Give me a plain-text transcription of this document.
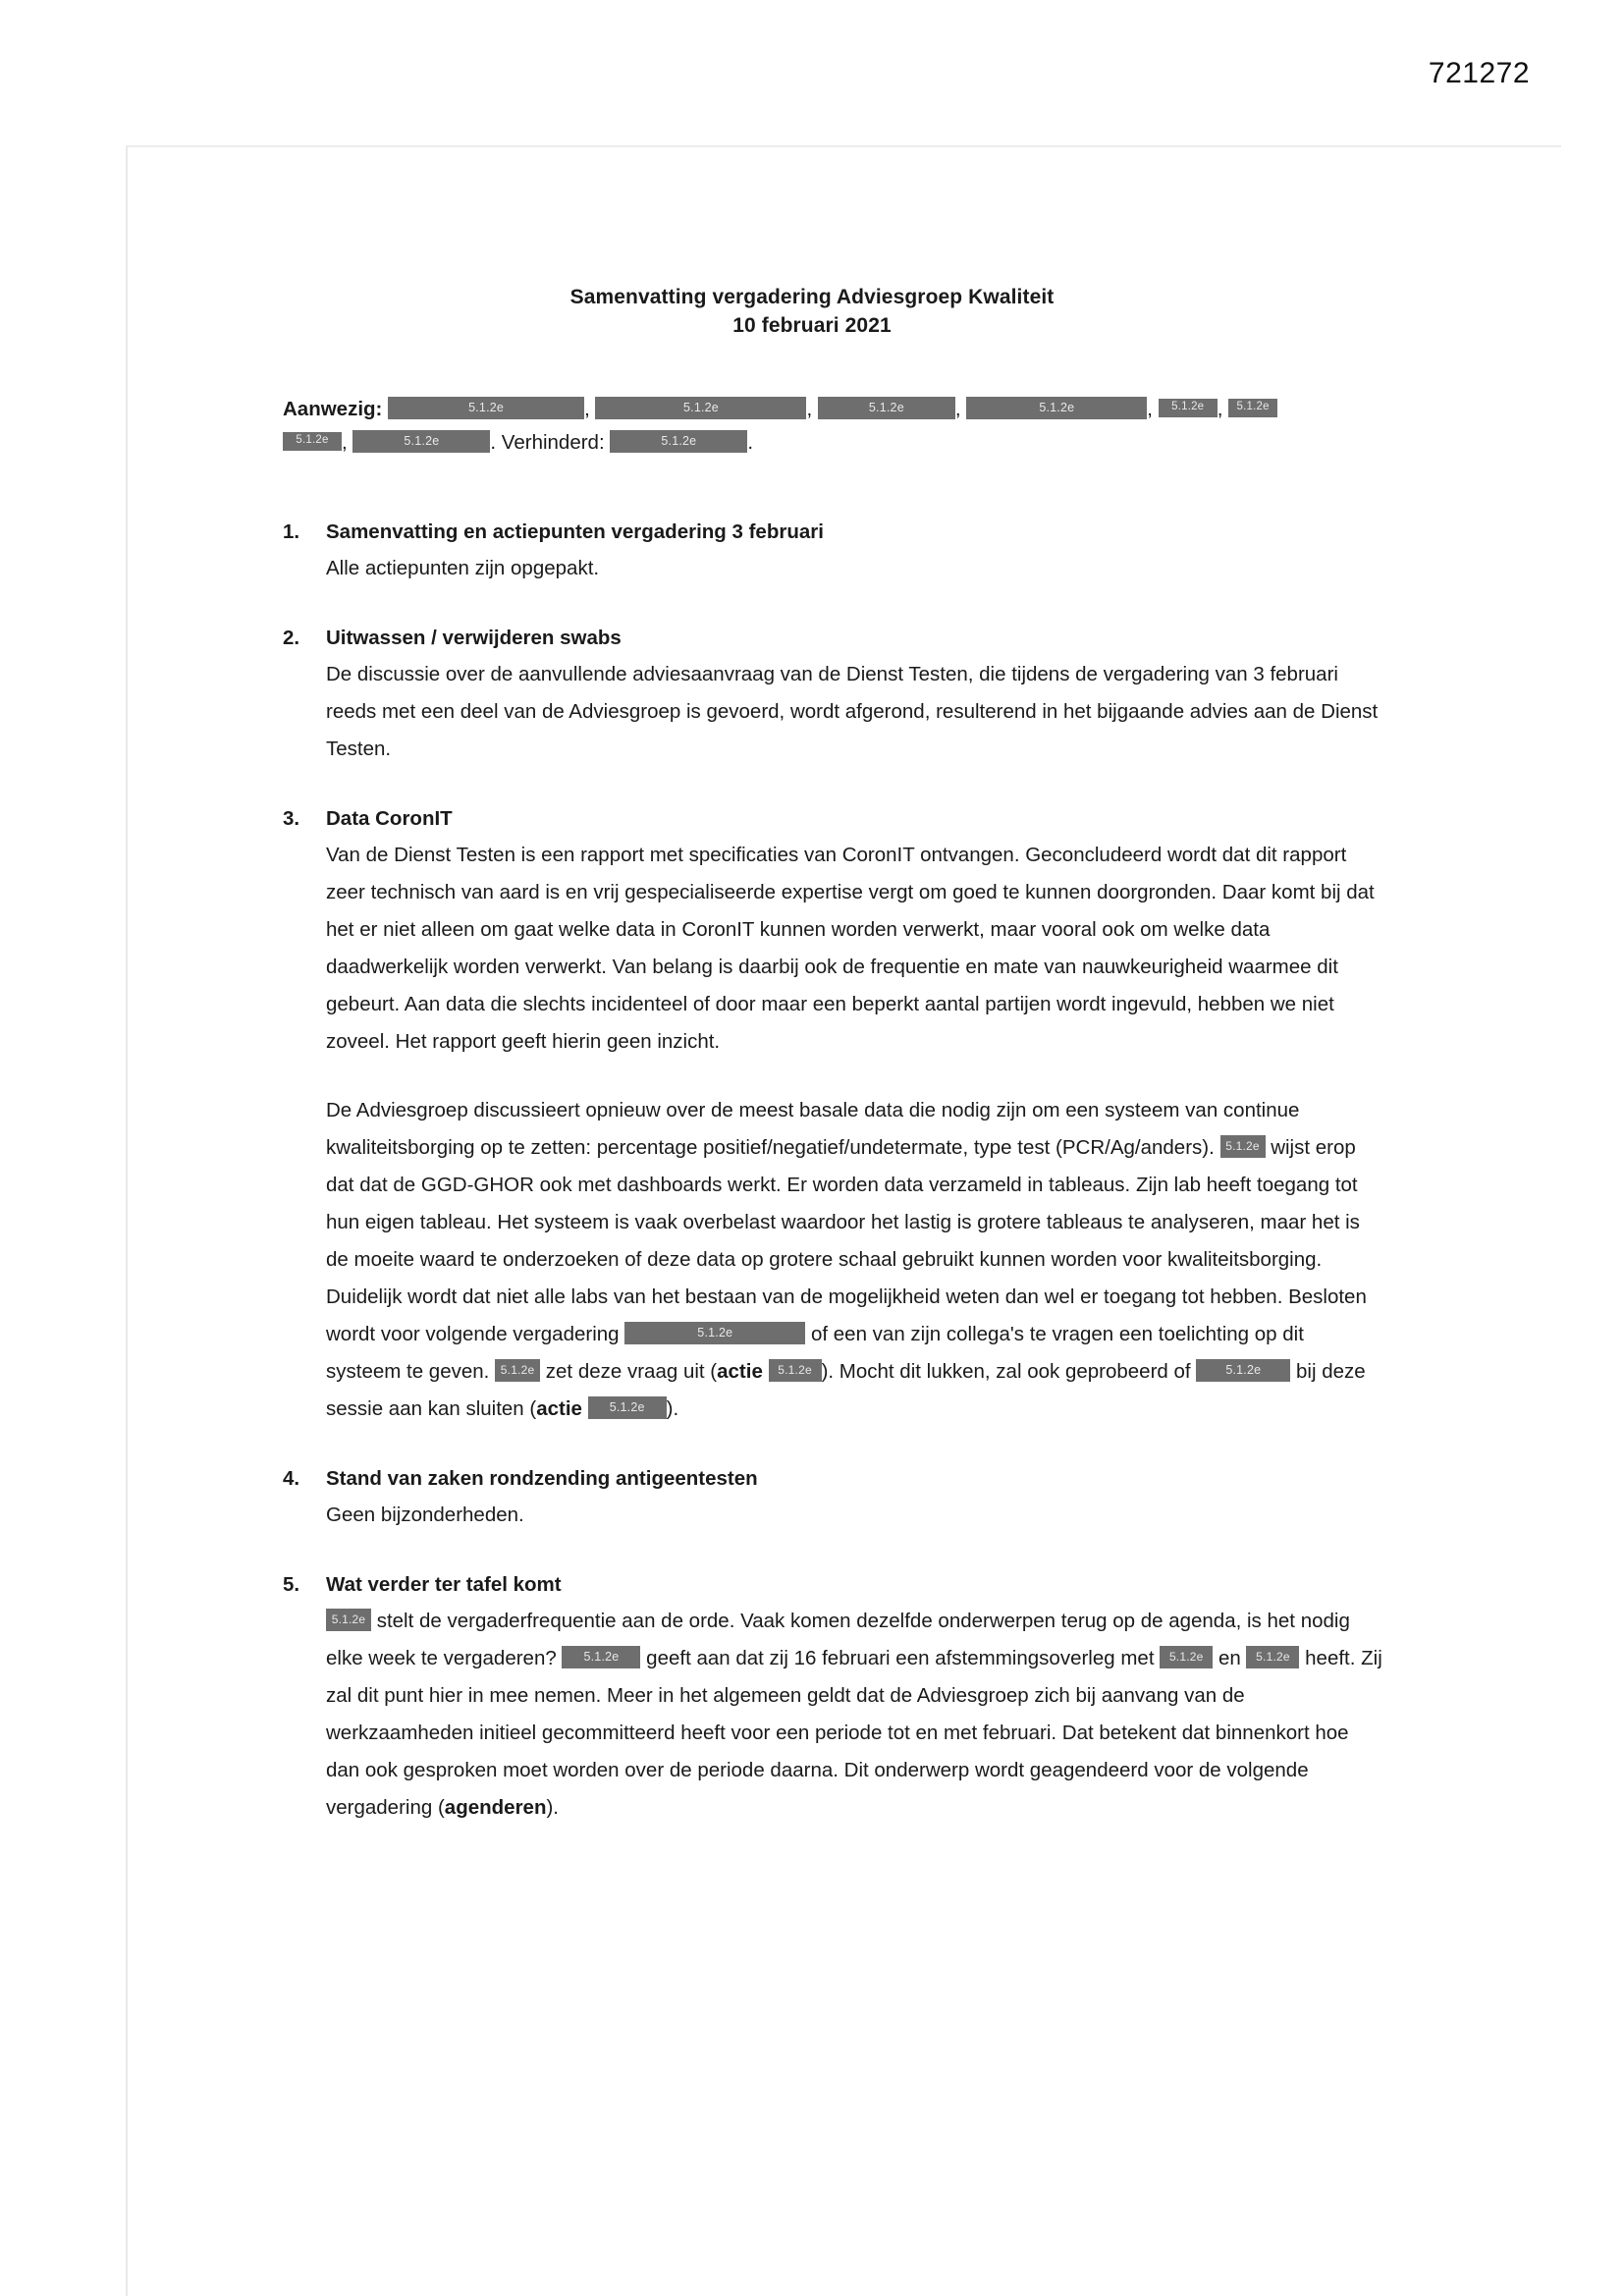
721272
Samenvatting vergadering Adviesgroep Kwaliteit
10 februari 2021
Aanwezig:	5.1.2e	,	5.1.2e	,	5.1.2e	,	5.1.2e	, 5.1.2e , 5.1.2e
5.1.2e ,	5.1.2e	. Verhinderd:	5.1.2e	.
1.	Samenvatting en actiepunten vergadering 3 februari

Alle actiepunten zijn opgepakt.

2.	Uitwassen / verwijderen swabs

De discussie over de aanvullende adviesaanvraag van de Dienst Testen, die tijdens de vergadering van 3 februari reeds met een deel van de Adviesgroep is gevoerd, wordt afgerond, resulterend in het bijgaande advies aan de Dienst Testen.

3.	Data CoronIT

Van de Dienst Testen is een rapport met specificaties van CoronIT ontvangen. Geconcludeerd wordt dat dit rapport zeer technisch van aard is en vrij gespecialiseerde expertise vergt om goed te kunnen doorgronden. Daar komt bij dat het er niet alleen om gaat welke data in CoronIT kunnen worden verwerkt, maar vooral ook om welke data daadwerkelijk worden verwerkt. Van belang is daarbij ook de frequentie en mate van nauwkeurigheid waarmee dit gebeurt. Aan data die slechts incidenteel of door maar een beperkt aantal partijen wordt ingevuld, hebben we niet zoveel. Het rapport geeft hierin geen inzicht.

De Adviesgroep discussieert opnieuw over de meest basale data die nodig zijn om een systeem van continue kwaliteitsborging op te zetten: percentage positief/negatief/undetermate, type test (PCR/Ag/anders). 5.1.2e wijst erop dat dat de GGD-GHOR ook met dashboards werkt. Er worden data verzameld in tableaus. Zijn lab heeft toegang tot hun eigen tableau. Het systeem is vaak overbelast waardoor het lastig is grotere tableaus te analyseren, maar het is de moeite waard te onderzoeken of deze data op grotere schaal gebruikt kunnen worden voor kwaliteitsborging. Duidelijk wordt dat niet alle labs van het bestaan van de mogelijkheid weten dan wel er toegang tot hebben. Besloten wordt voor volgende vergadering	5.1.2e	of een van zijn collega's te vragen een toelichting op dit systeem te geven. 5.1.2e zet deze vraag uit (actie 5.1.2e ). Mocht dit lukken, zal ook geprobeerd of	5.1.2e bij deze sessie aan kan sluiten (actie 5.1.2e ).

4.	Stand van zaken rondzending antigeentesten

Geen bijzonderheden.

5.	Wat verder ter tafel komt

5.1.2e stelt de vergaderfrequentie aan de orde. Vaak komen dezelfde onderwerpen terug op de agenda, is het nodig elke week te vergaderen? 5.1.2e geeft aan dat zij 16 februari een afstemmingsoverleg met 5.1.2e en 5.1.2e heeft. Zij zal dit punt hier in mee nemen. Meer in het algemeen geldt dat de Adviesgroep zich bij aanvang van de werkzaamheden initieel gecommitteerd heeft voor een periode tot en met februari. Dat betekent dat binnenkort hoe dan ook gesproken moet worden over de periode daarna. Dit onderwerp wordt geagendeerd voor de volgende vergadering (agenderen).
